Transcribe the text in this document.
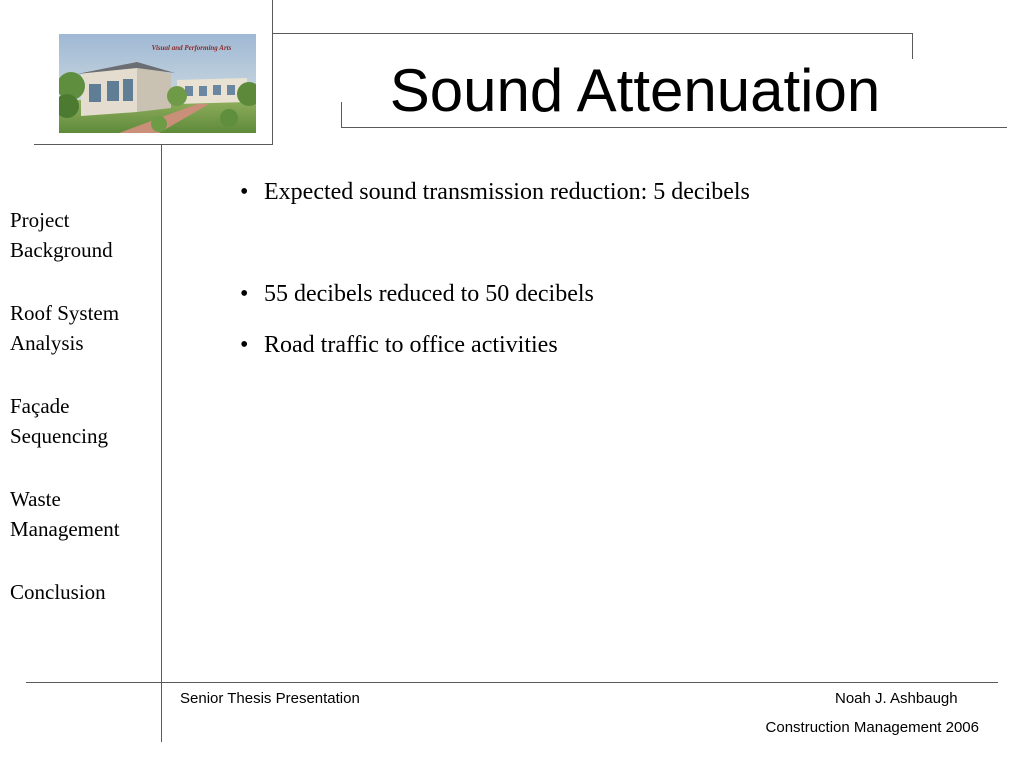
Visual and Performing Arts
Sound Attenuation
Project
Background
Roof System
Analysis
Façade
Sequencing
Waste
Management
Conclusion
• Expected sound transmission reduction: 5 decibels
• 55 decibels reduced to 50 decibels
• Road traffic to office activities
Senior Thesis Presentation	Noah J. Ashbaugh
Construction Management 2006
